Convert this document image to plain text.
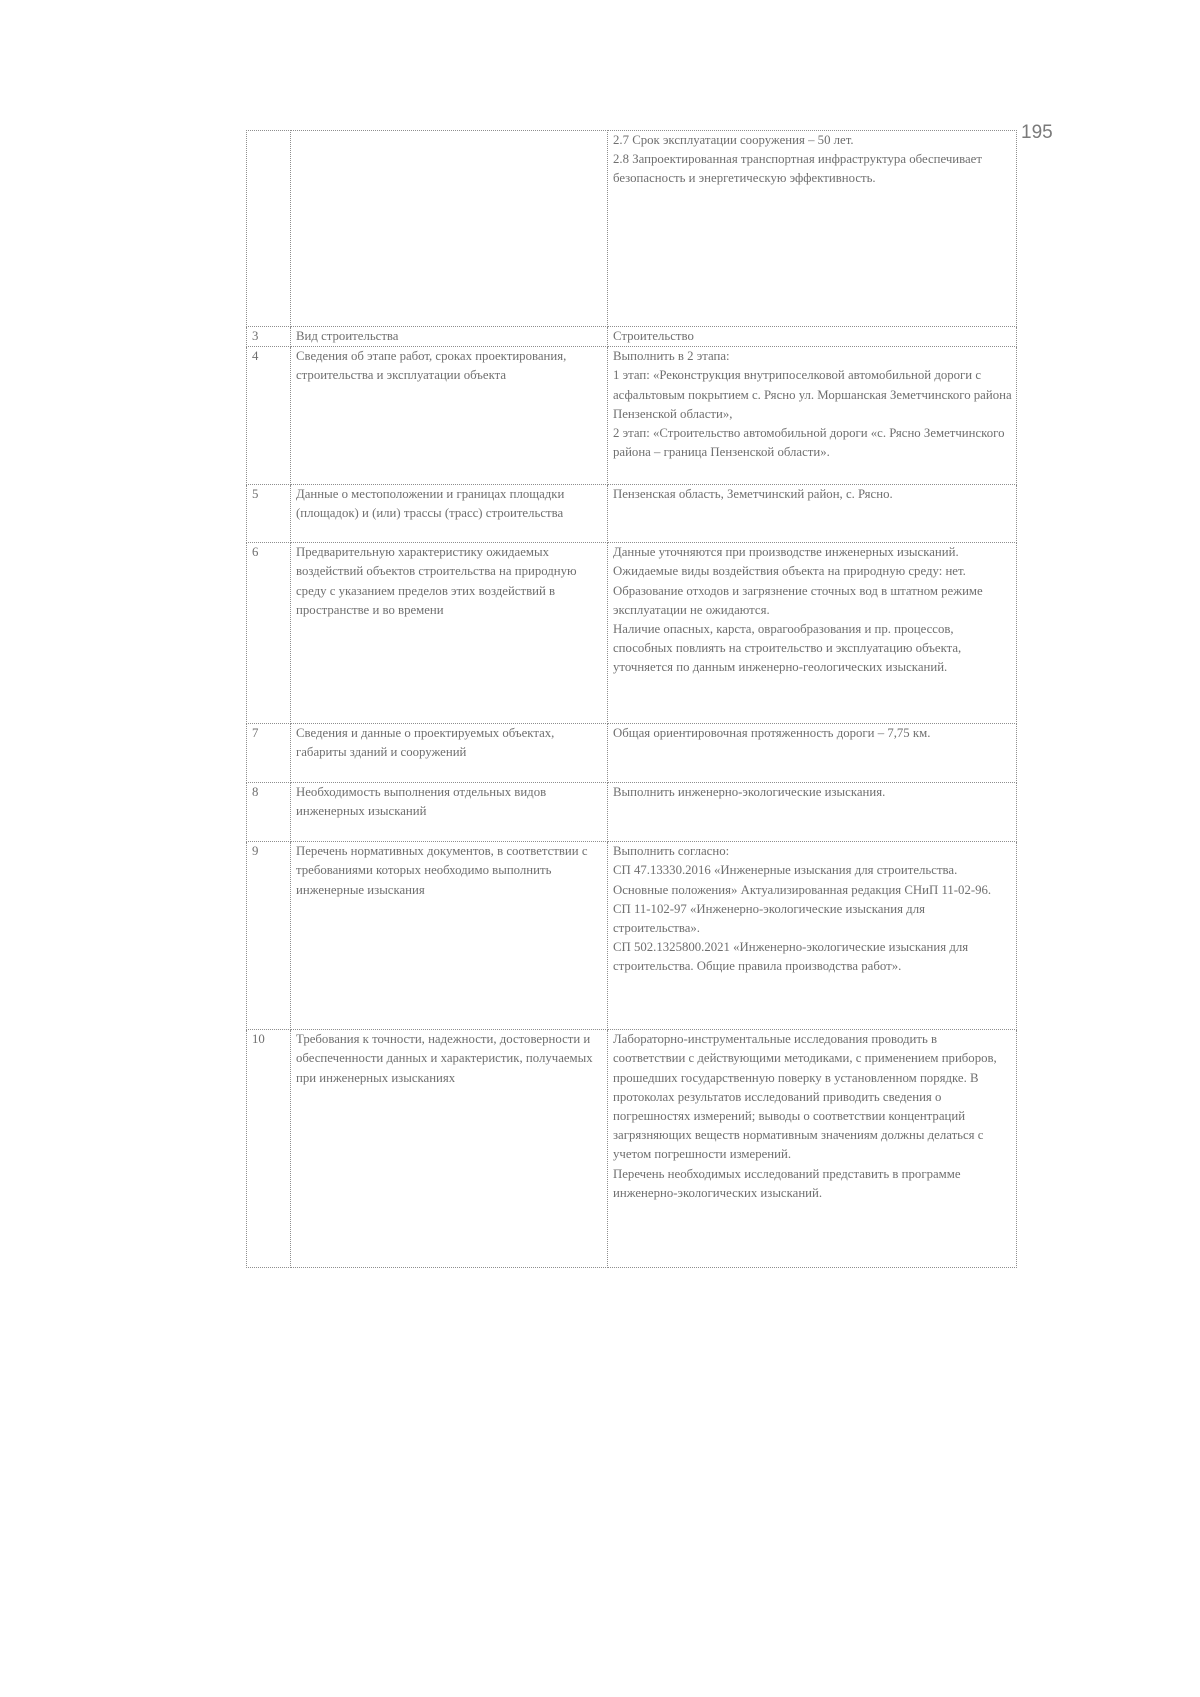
195

		2.7 Срок эксплуатации сооружения – 50 лет.
2.8 Запроектированная транспортная инфраструктура обеспечивает безопасность и энергетическую эффективность.

3	Вид строительства	Строительство

4	Сведения об этапе работ, сроках проектирования, строительства и эксплуатации объекта	Выполнить в 2 этапа:
1 этап: «Реконструкция внутрипоселковой автомобильной дороги с асфальтовым покрытием с. Рясно ул. Моршанская Земетчинского района Пензенской области»,
2 этап: «Строительство автомобильной дороги «с. Рясно Земетчинского района – граница Пензенской области».

5	Данные о местоположении и границах площадки (площадок) и (или) трассы (трасс) строительства	Пензенская область, Земетчинский район, с. Рясно.

6	Предварительную характеристику ожидаемых воздействий объектов строительства на природную среду с указанием пределов этих воздействий в пространстве и во времени	Данные уточняются при производстве инженерных изысканий. Ожидаемые виды воздействия объекта на природную среду: нет. Образование отходов и загрязнение сточных вод в штатном режиме эксплуатации не ожидаются.
Наличие опасных, карста, оврагообразования и пр. процессов, способных повлиять на строительство и эксплуатацию объекта, уточняется по данным инженерно-геологических изысканий.

7	Сведения и данные о проектируемых объектах, габариты зданий и сооружений	Общая ориентировочная протяженность дороги – 7,75 км.

8	Необходимость выполнения отдельных видов инженерных изысканий	Выполнить инженерно-экологические изыскания.

9	Перечень нормативных документов, в соответствии с требованиями которых необходимо выполнить инженерные изыскания	Выполнить согласно:
СП 47.13330.2016 «Инженерные изыскания для строительства. Основные положения» Актуализированная редакция СНиП 11-02-96.
СП 11-102-97 «Инженерно-экологические изыскания для строительства».
СП 502.1325800.2021 «Инженерно-экологические изыскания для строительства. Общие правила производства работ».

10	Требования к точности, надежности, достоверности и обеспеченности данных и характеристик, получаемых при инженерных изысканиях	Лабораторно-инструментальные исследования проводить в соответствии с действующими методиками, с применением приборов, прошедших государственную поверку в установленном порядке. В протоколах результатов исследований приводить сведения о погрешностях измерений; выводы о соответствии концентраций загрязняющих веществ нормативным значениям должны делаться с учетом погрешности измерений.
Перечень необходимых исследований представить в программе инженерно-экологических изысканий.
